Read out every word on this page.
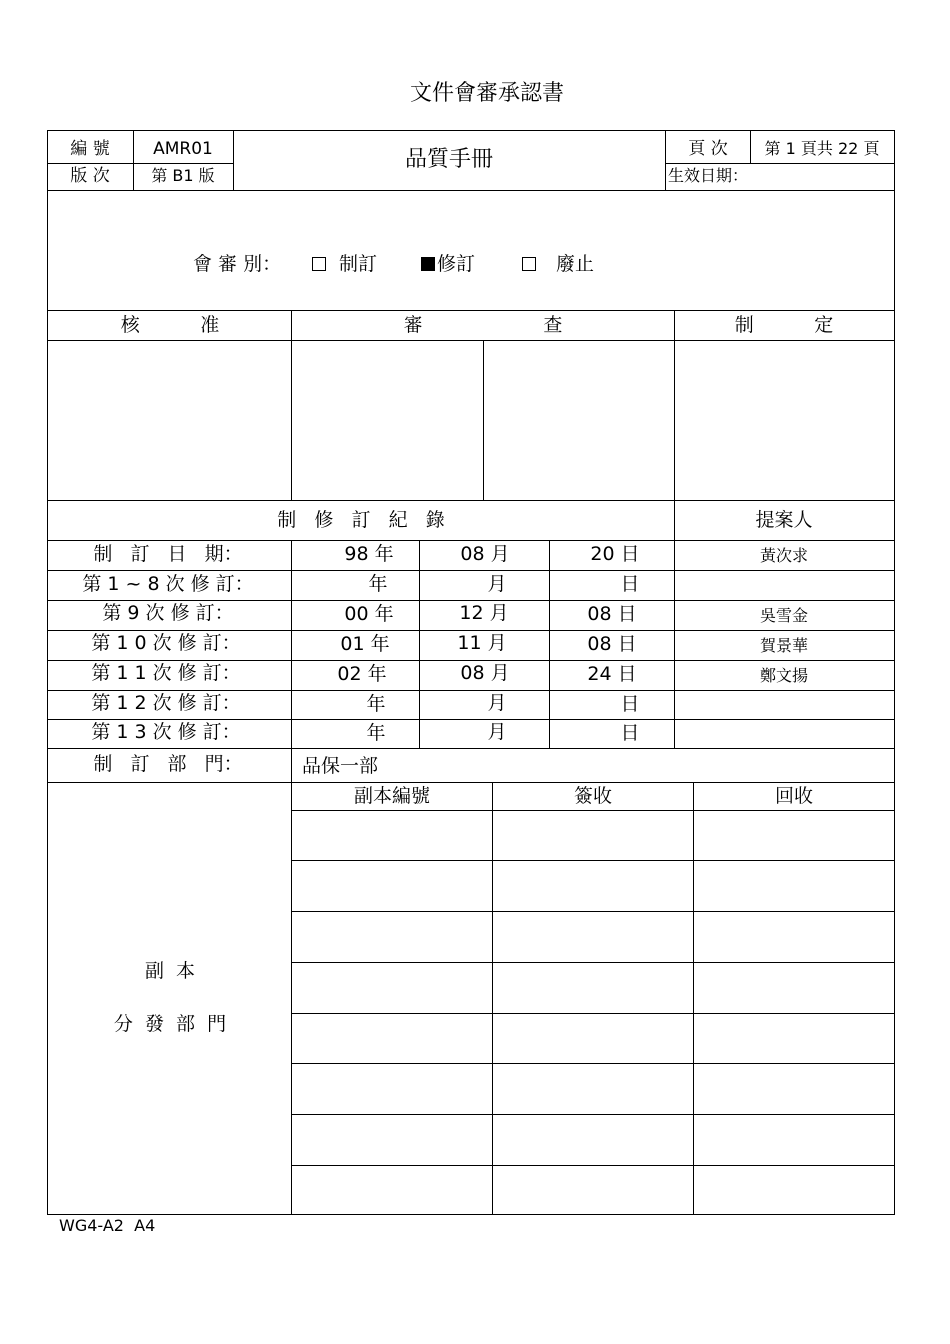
文件會審承認書
編 號	AMR01
版 次	第 B1 版
品質手冊	頁 次 第 1 頁共 22 頁
生效日期：
會 審 別：	制訂	修訂	廢止
核          准	審                    查	制          定
制   修   訂   紀   錄	提案人
制   訂   日   期：	98 年	08 月	20 日	黃次求
第 1 ~ 8 次 修 訂：	年	月	日
第 9 次 修 訂：	00 年	12 月	08 日	吳雪金
第 1 0 次 修 訂：	01 年	11 月	08 日	賀景華
第 1 1 次 修 訂：	02 年	08 月	24 日	鄭文揚
第 1 2 次 修 訂：	年	月	日
第 1 3 次 修 訂：	年	月	日
制   訂   部   門：	品保一部
副  本
分  發  部  門
副本編號	簽收	回收
WG4-A2  A4
